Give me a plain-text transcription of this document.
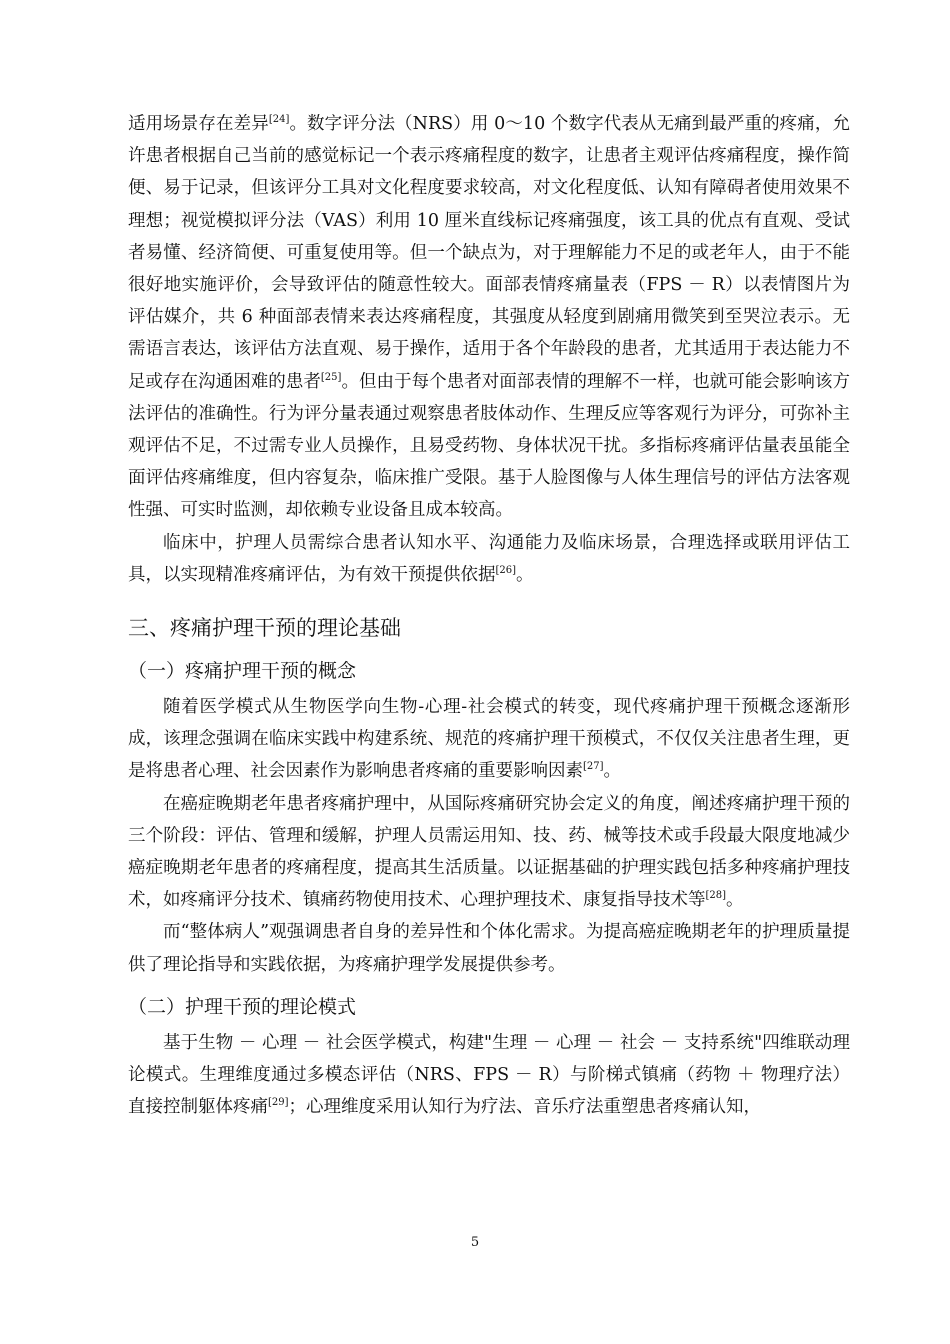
适用场景存在差异[24]。数字评分法（NRS）用 0～10 个数字代表从无痛到最严重的疼痛，允许患者根据自己当前的感觉标记一个表示疼痛程度的数字，让患者主观评估疼痛程度，操作简便、易于记录，但该评分工具对文化程度要求较高，对文化程度低、认知有障碍者使用效果不理想；视觉模拟评分法（VAS）利用 10 厘米直线标记疼痛强度，该工具的优点有直观、受试者易懂、经济简便、可重复使用等。但一个缺点为，对于理解能力不足的或老年人，由于不能很好地实施评价，会导致评估的随意性较大。面部表情疼痛量表（FPS － R）以表情图片为评估媒介，共 6 种面部表情来表达疼痛程度，其强度从轻度到剧痛用微笑到至哭泣表示。无需语言表达，该评估方法直观、易于操作，适用于各个年龄段的患者，尤其适用于表达能力不足或存在沟通困难的患者[25]。但由于每个患者对面部表情的理解不一样，也就可能会影响该方法评估的准确性。行为评分量表通过观察患者肢体动作、生理反应等客观行为评分，可弥补主观评估不足，不过需专业人员操作，且易受药物、身体状况干扰。多指标疼痛评估量表虽能全面评估疼痛维度，但内容复杂，临床推广受限。基于人脸图像与人体生理信号的评估方法客观性强、可实时监测，却依赖专业设备且成本较高。

临床中，护理人员需综合患者认知水平、沟通能力及临床场景，合理选择或联用评估工具，以实现精准疼痛评估，为有效干预提供依据[26]。

三、疼痛护理干预的理论基础
（一）疼痛护理干预的概念

随着医学模式从生物医学向生物-心理-社会模式的转变，现代疼痛护理干预概念逐渐形成，该理念强调在临床实践中构建系统、规范的疼痛护理干预模式，不仅仅关注患者生理，更是将患者心理、社会因素作为影响患者疼痛的重要影响因素[27]。

在癌症晚期老年患者疼痛护理中，从国际疼痛研究协会定义的角度，阐述疼痛护理干预的三个阶段：评估、管理和缓解，护理人员需运用知、技、药、械等技术或手段最大限度地减少癌症晚期老年患者的疼痛程度，提高其生活质量。以证据基础的护理实践包括多种疼痛护理技术，如疼痛评分技术、镇痛药物使用技术、心理护理技术、康复指导技术等[28]。

而“整体病人”观强调患者自身的差异性和个体化需求。为提高癌症晚期老年的护理质量提供了理论指导和实践依据，为疼痛护理学发展提供参考。

（二）护理干预的理论模式

基于生物 － 心理 － 社会医学模式，构建"生理 － 心理 － 社会 － 支持系统"四维联动理论模式。生理维度通过多模态评估（NRS、FPS － R）与阶梯式镇痛（药物 ＋ 物理疗法）直接控制躯体疼痛[29]；心理维度采用认知行为疗法、音乐疗法重塑患者疼痛认知，

5
